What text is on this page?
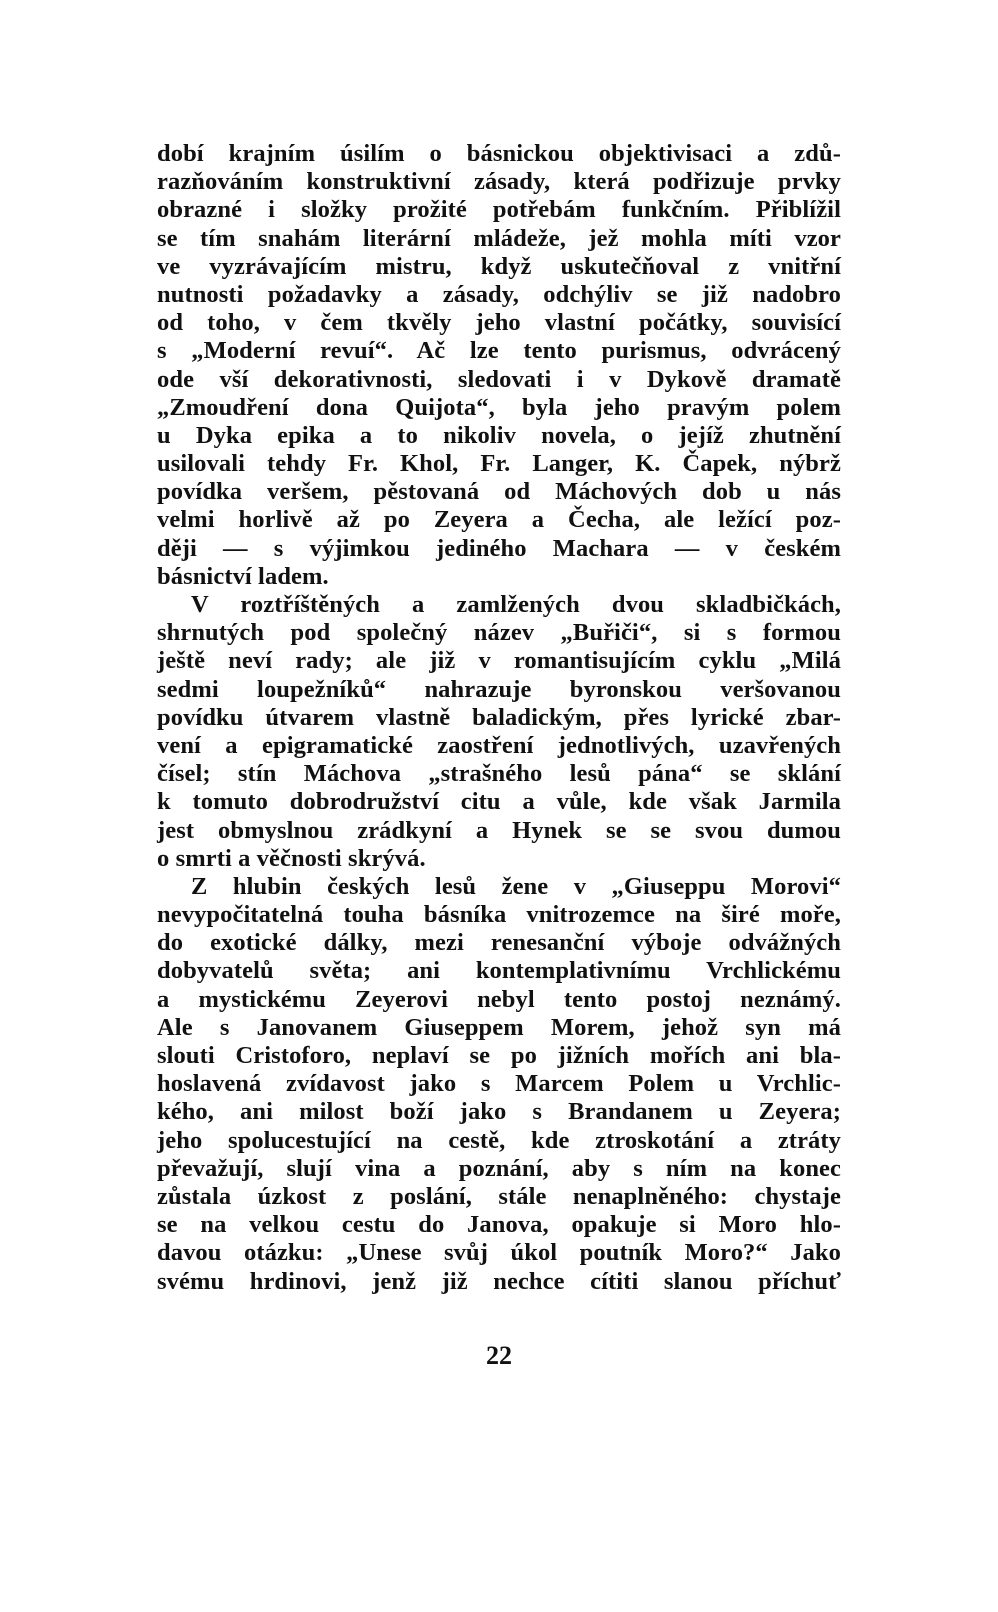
dobí krajním úsilím o básnickou objektivisaci a zdů-
razňováním konstruktivní zásady, která podřizuje prvky
obrazné i složky prožité potřebám funkčním. Přiblížil
se tím snahám literární mládeže, jež mohla míti vzor
ve vyzrávajícím mistru, když uskutečňoval z vnitřní
nutnosti požadavky a zásady, odchýliv se již nadobro
od toho, v čem tkvěly jeho vlastní počátky, souvisící
s „Moderní revuí“. Ač lze tento purismus, odvrácený
ode vší dekorativnosti, sledovati i v Dykově dramatě
„Zmoudření dona Quijota“, byla jeho pravým polem
u Dyka epika a to nikoliv novela, o jejíž zhutnění
usilovali tehdy Fr. Khol, Fr. Langer, K. Čapek, nýbrž
povídka veršem, pěstovaná od Máchových dob u nás
velmi horlivě až po Zeyera a Čecha, ale ležící poz-
ději — s výjimkou jediného Machara — v českém
básnictví ladem.
V roztříštěných a zamlžených dvou skladbičkách,
shrnutých pod společný název „Buřiči“, si s formou
ještě neví rady; ale již v romantisujícím cyklu „Milá
sedmi loupežníků“ nahrazuje byronskou veršovanou
povídku útvarem vlastně baladickým, přes lyrické zbar-
vení a epigramatické zaostření jednotlivých, uzavřených
čísel; stín Máchova „strašného lesů pána“ se sklání
k tomuto dobrodružství citu a vůle, kde však Jarmila
jest obmyslnou zrádkyní a Hynek se se svou dumou
o smrti a věčnosti skrývá.
Z hlubin českých lesů žene v „Giuseppu Morovi“
nevypočitatelná touha básníka vnitrozemce na širé moře,
do exotické dálky, mezi renesanční výboje odvážných
dobyvatelů světa; ani kontemplativnímu Vrchlickému
a mystickému Zeyerovi nebyl tento postoj neznámý.
Ale s Janovanem Giuseppem Morem, jehož syn má
slouti Cristoforo, neplaví se po jižních mořích ani bla-
hoslavená zvídavost jako s Marcem Polem u Vrchlic-
kého, ani milost boží jako s Brandanem u Zeyera;
jeho spolucestující na cestě, kde ztroskotání a ztráty
převažují, slují vina a poznání, aby s ním na konec
zůstala úzkost z poslání, stále nenaplněného: chystaje
se na velkou cestu do Janova, opakuje si Moro hlo-
davou otázku: „Unese svůj úkol poutník Moro?“ Jako
svému hrdinovi, jenž již nechce cítiti slanou příchuť
22
